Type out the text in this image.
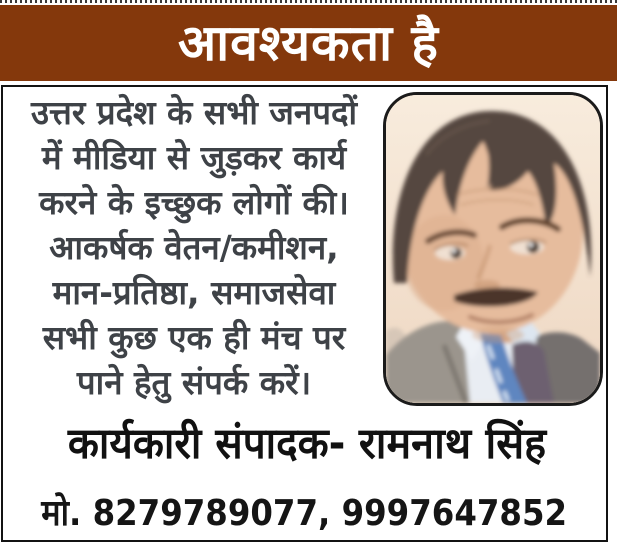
आवश्यकता है
उत्तर प्रदेश के सभी जनपदों
में मीडिया से जुड़कर कार्य
करने के इच्छुक लोगों की।
आकर्षक वेतन/कमीशन,
मान-प्रतिष्ठा, समाजसेवा
सभी कुछ एक ही मंच पर
पाने हेतु संपर्क करें।
कार्यकारी संपादक- रामनाथ सिंह
मो. 8279789077, 9997647852
